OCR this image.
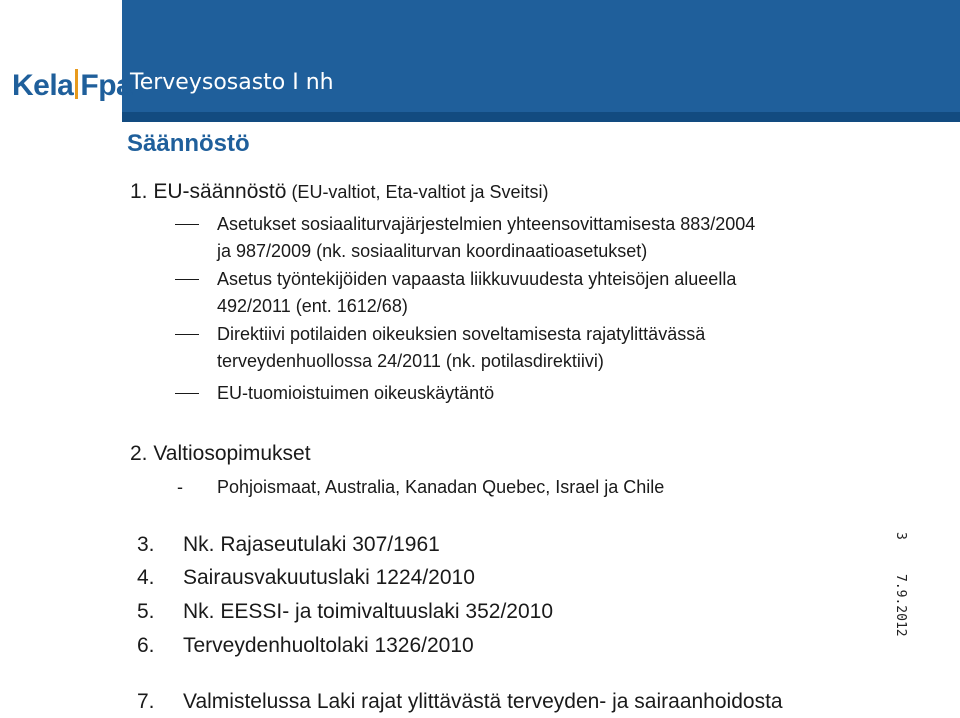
Kela Fpa
Terveysosasto I nh
Säännöstö
1. EU-säännöstö (EU-valtiot, Eta-valtiot ja Sveitsi)
Asetukset sosiaaliturvajärjestelmien yhteensovittamisesta 883/2004
ja 987/2009 (nk. sosiaaliturvan koordinaatioasetukset)
Asetus työntekijöiden vapaasta liikkuvuudesta yhteisöjen alueella
492/2011 (ent. 1612/68)
Direktiivi potilaiden oikeuksien soveltamisesta rajatylittävässä
terveydenhuollossa 24/2011 (nk. potilasdirektiivi)
EU-tuomioistuimen oikeuskäytäntö
2. Valtiosopimukset
- Pohjoismaat, Australia, Kanadan Quebec, Israel ja Chile
3. Nk. Rajaseutulaki 307/1961
4. Sairausvakuutuslaki 1224/2010
5. Nk. EESSI- ja toimivaltuuslaki 352/2010
6. Terveydenhuoltolaki 1326/2010
7. Valmistelussa Laki rajat ylittävästä terveyden- ja sairaanhoidosta
3
7.9.2012
